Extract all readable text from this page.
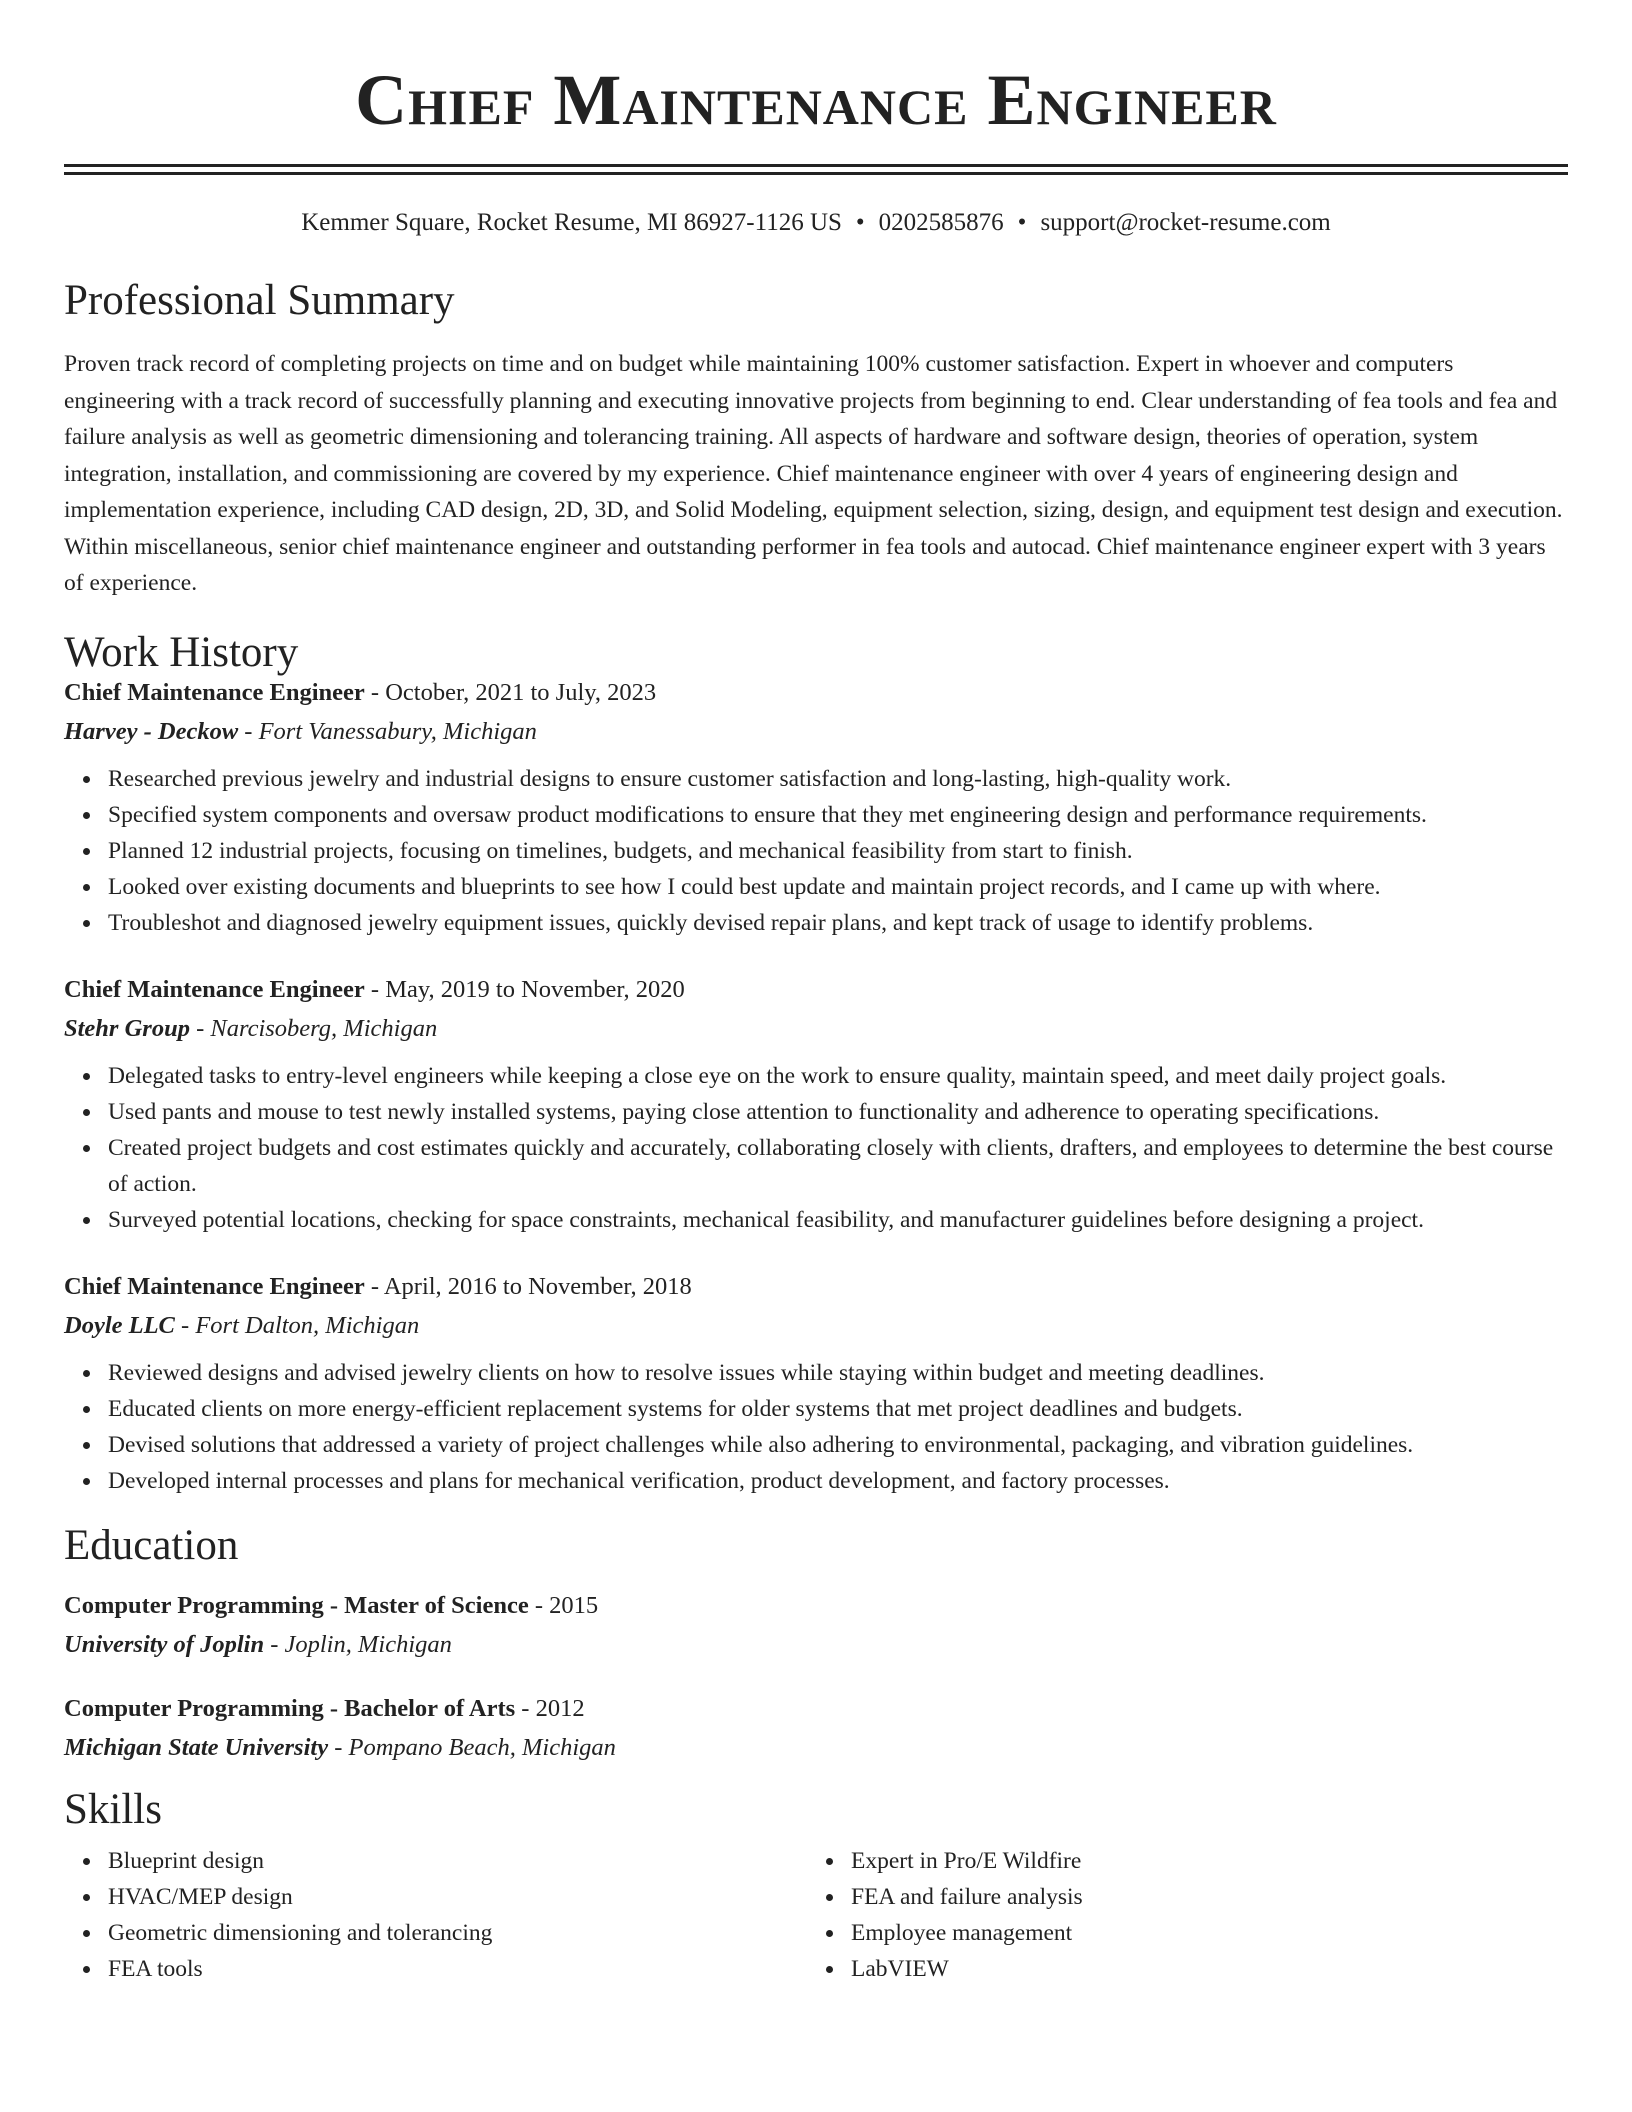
Chief Maintenance Engineer
Kemmer Square, Rocket Resume, MI 86927-1126 US • 0202585876 • support@rocket-resume.com
Professional Summary

Proven track record of completing projects on time and on budget while maintaining 100% customer satisfaction. Expert in whoever and computers engineering with a track record of successfully planning and executing innovative projects from beginning to end. Clear understanding of fea tools and fea and failure analysis as well as geometric dimensioning and tolerancing training. All aspects of hardware and software design, theories of operation, system integration, installation, and commissioning are covered by my experience. Chief maintenance engineer with over 4 years of engineering design and implementation experience, including CAD design, 2D, 3D, and Solid Modeling, equipment selection, sizing, design, and equipment test design and execution. Within miscellaneous, senior chief maintenance engineer and outstanding performer in fea tools and autocad. Chief maintenance engineer expert with 3 years of experience.

Work History
Chief Maintenance Engineer - October, 2021 to July, 2023
Harvey - Deckow - Fort Vanessabury, Michigan
Researched previous jewelry and industrial designs to ensure customer satisfaction and long-lasting, high-quality work.
Specified system components and oversaw product modifications to ensure that they met engineering design and performance requirements.
Planned 12 industrial projects, focusing on timelines, budgets, and mechanical feasibility from start to finish.
Looked over existing documents and blueprints to see how I could best update and maintain project records, and I came up with where.
Troubleshot and diagnosed jewelry equipment issues, quickly devised repair plans, and kept track of usage to identify problems.
Chief Maintenance Engineer - May, 2019 to November, 2020
Stehr Group - Narcisoberg, Michigan
Delegated tasks to entry-level engineers while keeping a close eye on the work to ensure quality, maintain speed, and meet daily project goals.
Used pants and mouse to test newly installed systems, paying close attention to functionality and adherence to operating specifications.
Created project budgets and cost estimates quickly and accurately, collaborating closely with clients, drafters, and employees to determine the best course of action.
Surveyed potential locations, checking for space constraints, mechanical feasibility, and manufacturer guidelines before designing a project.
Chief Maintenance Engineer - April, 2016 to November, 2018
Doyle LLC - Fort Dalton, Michigan
Reviewed designs and advised jewelry clients on how to resolve issues while staying within budget and meeting deadlines.
Educated clients on more energy-efficient replacement systems for older systems that met project deadlines and budgets.
Devised solutions that addressed a variety of project challenges while also adhering to environmental, packaging, and vibration guidelines.
Developed internal processes and plans for mechanical verification, product development, and factory processes.
Education
Computer Programming - Master of Science - 2015
University of Joplin - Joplin, Michigan
Computer Programming - Bachelor of Arts - 2012
Michigan State University - Pompano Beach, Michigan
Skills
Blueprint design
HVAC/MEP design
Geometric dimensioning and tolerancing
FEA tools
Expert in Pro/E Wildfire
FEA and failure analysis
Employee management
LabVIEW
